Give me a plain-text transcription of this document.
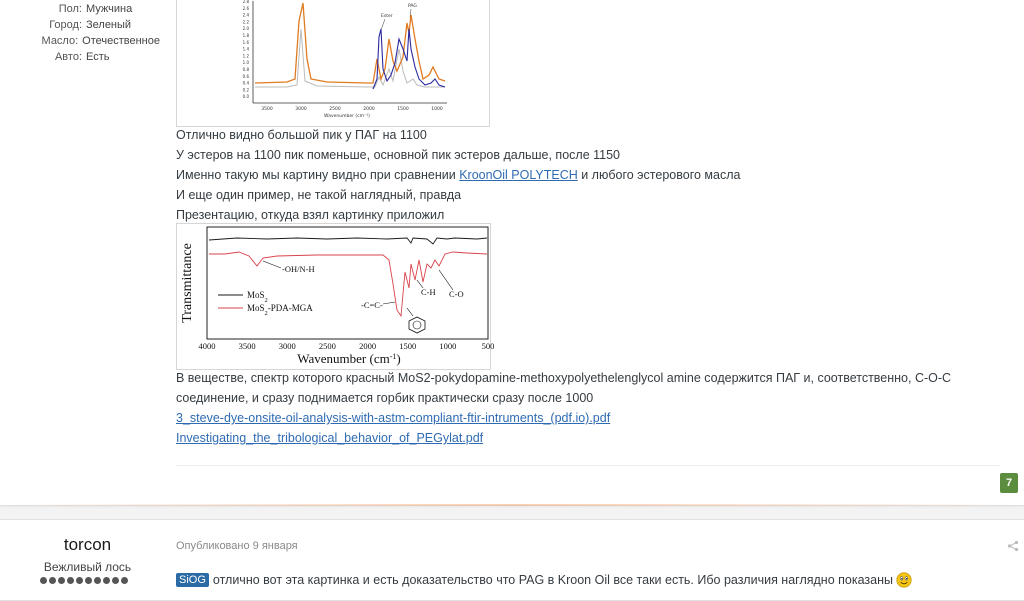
Пол: Мужчина
Город: Зеленый
Масло: Отечественное
Авто: Есть
2.8
2.6
2.4
2.2
2.0
1.8
1.6
1.4
1.2
1.0
0.8
0.6
0.4
0.2
0.0
3500	3000	2500	2000	1500	1000
Wavenumber (cm⁻¹)
Ester
PAG
Отлично видно большой пик у ПАГ на 1100
У эстеров на 1100 пик поменьше, основной пик эстеров дальше, после 1150
Именно такую мы картину видно при сравнении KroonOil POLYTECH и любого эстерового масла
И еще один пример, не такой наглядный, правда
Презентацию, откуда взял картинку приложил
Transmittance
4000	3500	3000	2500	2000	1500	1000	500
Wavenumber $(cm^{-1})$
MoS$_2$
MoS$_2$-PDA-MGA
-OH/N-H
-C=C-
C-H C-O
В веществе, спектр которого красный MoS2-pokydopamine-methoxypolyethelenglycol amine содержится ПАГ и, соответственно, С-О-С
соединение, и сразу поднимается горбик практически сразу после 1000
3_steve-dye-onsite-oil-analysis-with-astm-compliant-ftir-intruments_(pdf.io).pdf
Investigating_the_tribological_behavior_of_PEGylat.pdf
7
torcon
Вежливый лось
Опубликовано 9 января
SiOG отлично вот эта картинка и есть доказательство что PAG в Kroon Oil все таки есть. Ибо различия наглядно показаны
